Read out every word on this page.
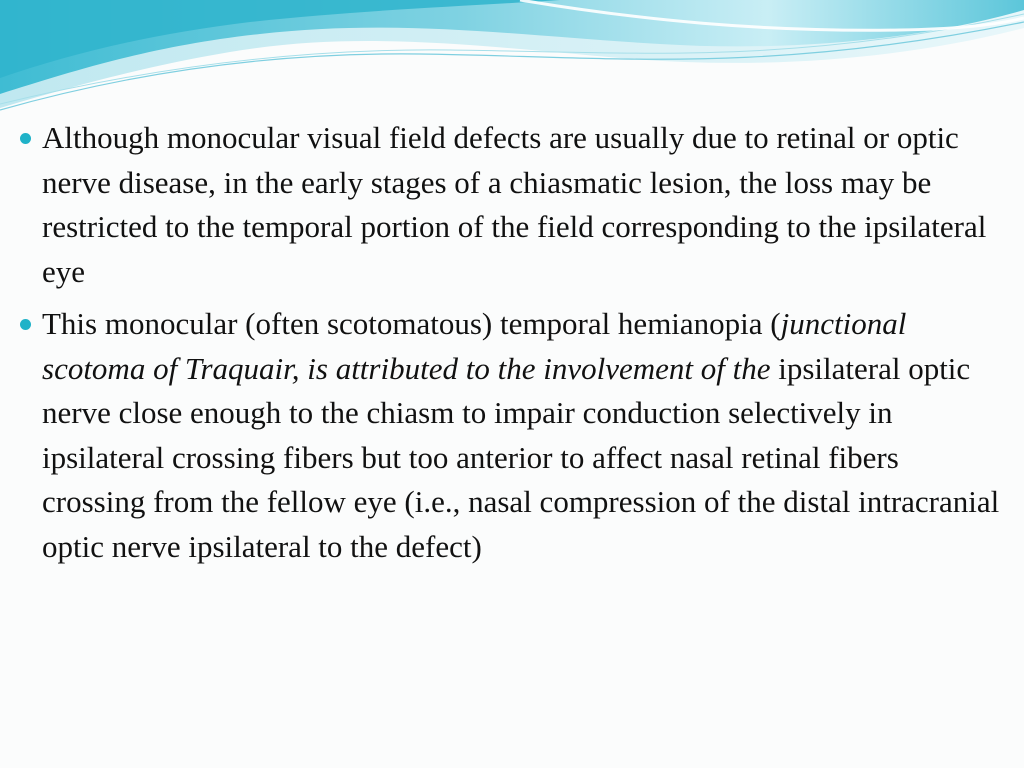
Although monocular visual field defects are usually due to retinal or optic nerve disease, in the early stages of a chiasmatic lesion, the loss may be restricted to the temporal portion of the field corresponding to the ipsilateral eye
This monocular (often scotomatous) temporal hemianopia (junctional scotoma of Traquair, is attributed to the involvement of the ipsilateral optic nerve close enough to the chiasm to impair conduction selectively in ipsilateral crossing fibers but too anterior to affect nasal retinal fibers crossing from the fellow eye (i.e., nasal compression of the distal intracranial optic nerve ipsilateral to the defect)
